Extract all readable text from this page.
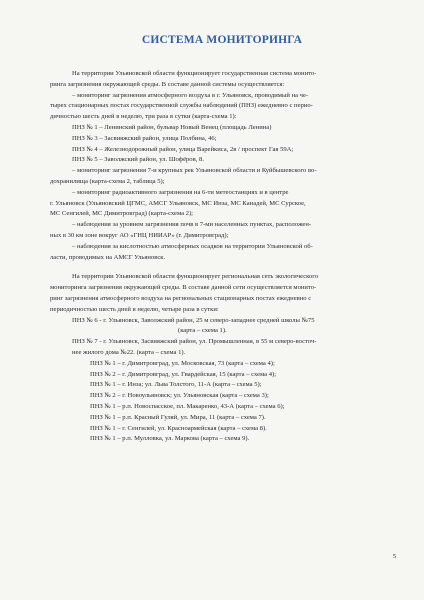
СИСТЕМА МОНИТОРИНГА

На территории Ульяновской области функционирует государственная система монито-

ринга загрязнения окружающей среды. В составе данной системы осуществляется:

– мониторинг загрязнения атмосферного воздуха в г. Ульяновск, проводимый на че-

тырех стационарных постах государственной службы наблюдений (ПНЗ) ежедневно с перио-

дичностью шесть дней в неделю, три раза в сутки (карта-схема 1):

ПНЗ № 1 – Ленинский район, бульвар Новый Венец (площадь Ленина)

ПНЗ № 3 – Засвияжский район, улица Полбина, 46;

ПНЗ № 4 – Железнодорожный район, улица Варейкиса, 2в / проспект Гая 59А;

ПНЗ № 5 – Заволжский район, ул. Шофёров, 8.

– мониторинг загрязнения 7-и крупных рек Ульяновской области и Куйбышевского во-

дохранилища (карта-схема 2, таблица 5);

– мониторинг радиоактивного загрязнения на 6-ти метеостанциях и в центре

г. Ульяновск (Ульяновский ЦГМС, АМСГ Ульяновск, МС Инза, МС Канадей, МС Сурское,

МС Сенгилей, МС Димитровград) (карта-схема 2);

– наблюдения за уровнем загрязнения почв в 7-ми населенных пунктах, расположен-

ных в 30 км зоне вокруг АО «ГНЦ НИИАР» (г. Димитровград);

– наблюдения за кислотностью атмосферных осадков на территории Ульяновской об-

ласти, проводимых на АМСГ Ульяновск.

На территории Ульяновской области функционирует региональная сеть экологического

мониторинга загрязнения окружающей среды. В составе данной сети осуществляется монито-

ринг загрязнения атмосферного воздуха на региональных стационарных постах ежедневно с

периодичностью шесть дней в неделю, четыре раза в сутки:

ПНЗ № 6 - г. Ульяновск, Заволжский район, 25 м северо-западнее средней школы №75

(карта – схема 1).

ПНЗ № 7 - г. Ульяновск, Засвияжский район, ул. Промышленная, в 55 м северо-восточ-

нее жилого дома №22. (карта – схема 1).

ПНЗ № 1 – г. Димитровград, ул. Московская, 73 (карта – схема 4);

ПНЗ № 2 – г. Димитровград, ул. Гвардейская, 15 (карта – схема 4);

ПНЗ № 1 – г. Инза; ул. Льва Толстого, 11-А (карта – схема 5);

ПНЗ № 2 – г. Новоульяновск; ул. Ульяновская (карта – схема 3);

ПНЗ № 1 – р.п. Новоспасское, пл. Макаренко, 43-А (карта – схема 6);

ПНЗ № 1 – р.п. Красный Гуляй, ул. Мира, 11 (карта – схема 7).

ПНЗ № 1 – г. Сенгилей, ул. Красноармейская (карта – схема 8).

ПНЗ № 1 – р.п. Мулловка, ул. Маркова (карта – схема 9).

5
